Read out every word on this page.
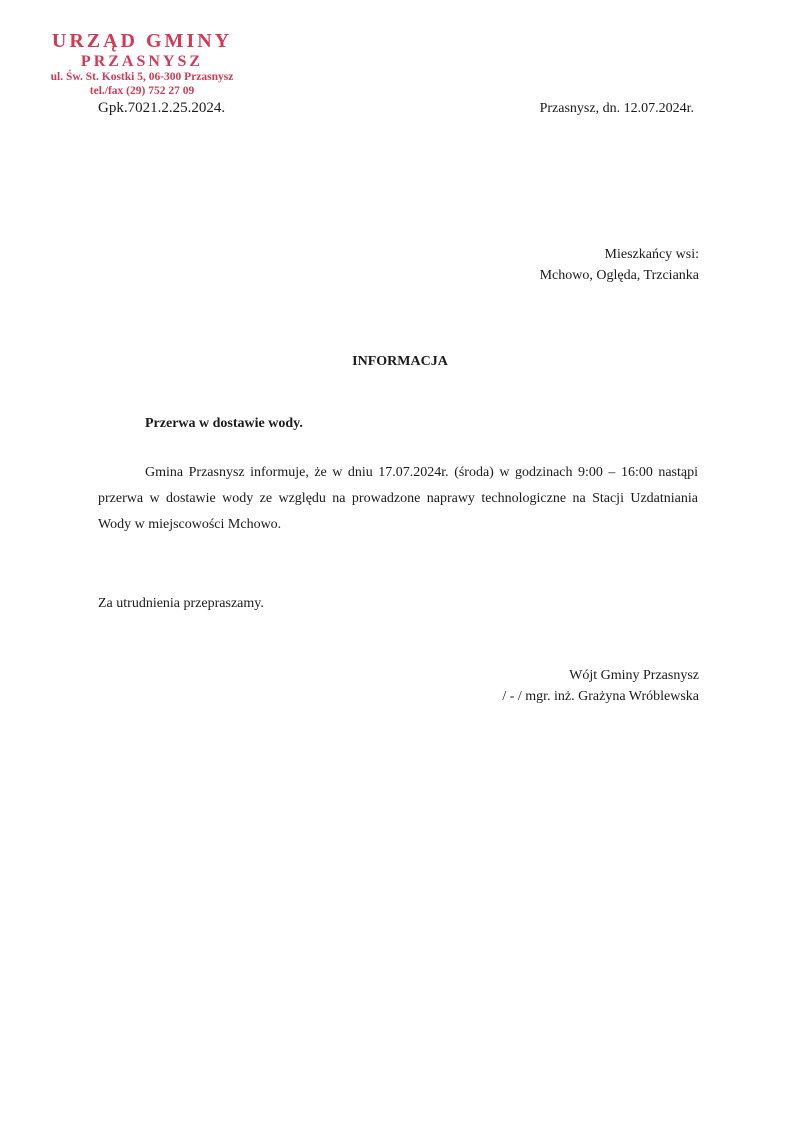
URZĄD GMINY
PRZASNYSZ
ul. Św. St. Kostki 5, 06-300 Przasnysz
tel./fax (29) 752 27 09
Gpk.7021.2.25.2024.	Przasnysz, dn. 12.07.2024r.
Mieszkańcy wsi:
Mchowo, Oględa, Trzcianka
INFORMACJA
Przerwa w dostawie wody.
Gmina Przasnysz informuje, że w dniu 17.07.2024r. (środa) w godzinach 9:00 – 16:00 nastąpi przerwa w dostawie wody ze względu na prowadzone naprawy technologiczne na Stacji Uzdatniania Wody w miejscowości Mchowo.
Za utrudnienia przepraszamy.
Wójt Gminy Przasnysz
/ - / mgr. inż. Grażyna Wróblewska
